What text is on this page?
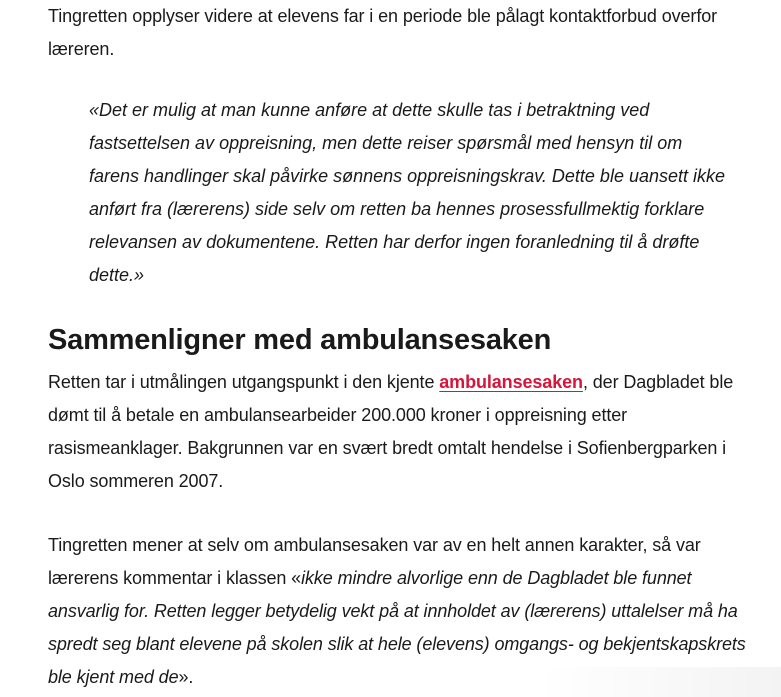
Tingretten opplyser videre at elevens far i en periode ble pålagt kontaktforbud overfor læreren.

«Det er mulig at man kunne anføre at dette skulle tas i betraktning ved fastsettelsen av oppreisning, men dette reiser spørsmål med hensyn til om farens handlinger skal påvirke sønnens oppreisningskrav. Dette ble uansett ikke anført fra (lærerens) side selv om retten ba hennes prosessfullmektig forklare relevansen av dokumentene. Retten har derfor ingen foranledning til å drøfte dette.»
Sammenligner med ambulansesaken

Retten tar i utmålingen utgangspunkt i den kjente ambulansesaken, der Dagbladet ble dømt til å betale en ambulansearbeider 200.000 kroner i oppreisning etter rasismeanklager. Bakgrunnen var en svært bredt omtalt hendelse i Sofienbergparken i Oslo sommeren 2007.

Tingretten mener at selv om ambulansesaken var av en helt annen karakter, så var lærerens kommentar i klassen «ikke mindre alvorlige enn de Dagbladet ble funnet ansvarlig for. Retten legger betydelig vekt på at innholdet av (lærerens) uttalelser må ha spredt seg blant elevene på skolen slik at hele (elevens) omgangs- og bekjentskapskrets ble kjent med de».
